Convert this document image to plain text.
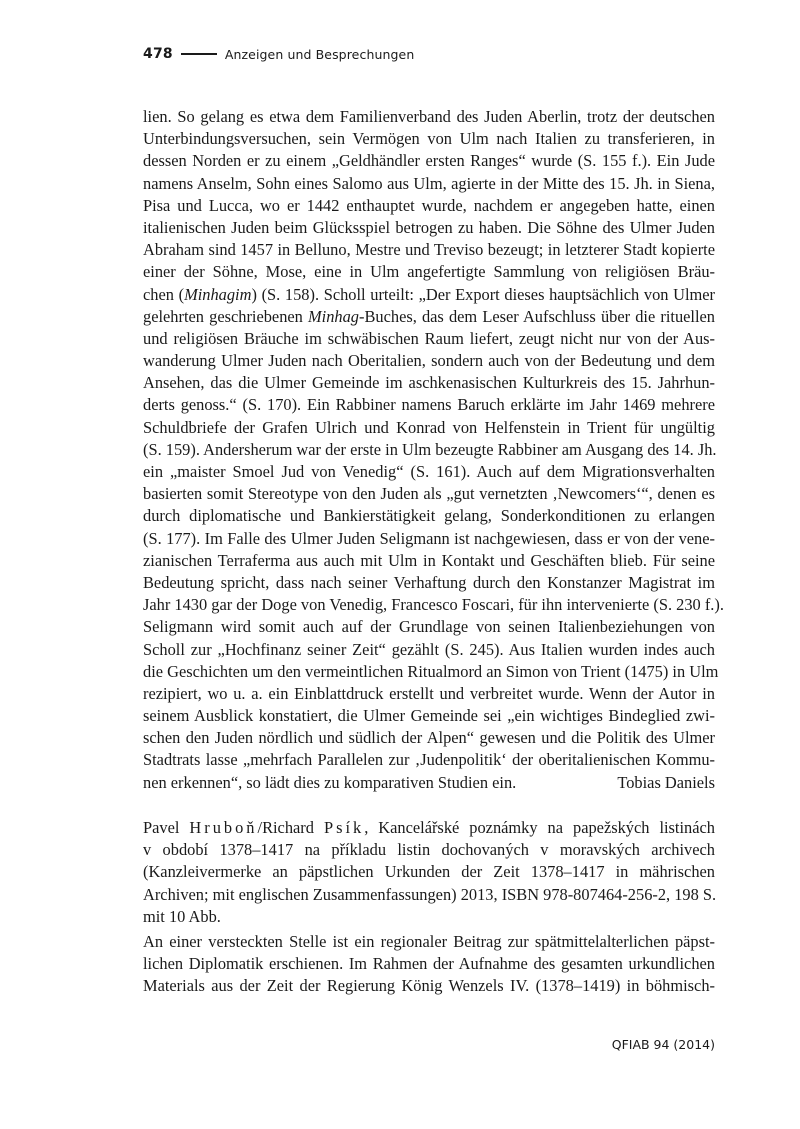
478	Anzeigen und Besprechungen
lien. So gelang es etwa dem Familienverband des Juden Aberlin, trotz der deutschen
Unterbindungsversuchen, sein Vermögen von Ulm nach Italien zu transferieren, in
dessen Norden er zu einem „Geldhändler ersten Ranges“ wurde (S. 155 f.). Ein Jude
namens Anselm, Sohn eines Salomo aus Ulm, agierte in der Mitte des 15. Jh. in Siena,
Pisa und Lucca, wo er 1442 enthauptet wurde, nachdem er angegeben hatte, einen
italienischen Juden beim Glücksspiel betrogen zu haben. Die Söhne des Ulmer Juden
Abraham sind 1457 in Belluno, Mestre und Treviso bezeugt; in letzterer Stadt kopierte
einer der Söhne, Mose, eine in Ulm angefertigte Sammlung von religiösen Bräu-
chen (Minhagim) (S. 158). Scholl urteilt: „Der Export dieses hauptsächlich von Ulmer
gelehrten geschriebenen Minhag-Buches, das dem Leser Aufschluss über die rituellen
und religiösen Bräuche im schwäbischen Raum liefert, zeugt nicht nur von der Aus-
wanderung Ulmer Juden nach Oberitalien, sondern auch von der Bedeutung und dem
Ansehen, das die Ulmer Gemeinde im aschkenasischen Kulturkreis des 15. Jahrhun-
derts genoss.“ (S. 170). Ein Rabbiner namens Baruch erklärte im Jahr 1469 mehrere
Schuldbriefe der Grafen Ulrich und Konrad von Helfenstein in Trient für ungültig
(S. 159). Andersherum war der erste in Ulm bezeugte Rabbiner am Ausgang des 14. Jh.
ein „maister Smoel Jud von Venedig“ (S. 161). Auch auf dem Migrationsverhalten
basierten somit Stereotype von den Juden als „gut vernetzten ‚Newcomers‘“, denen es
durch diplomatische und Bankierstätigkeit gelang, Sonderkonditionen zu erlangen
(S. 177). Im Falle des Ulmer Juden Seligmann ist nachgewiesen, dass er von der vene-
zianischen Terraferma aus auch mit Ulm in Kontakt und Geschäften blieb. Für seine
Bedeutung spricht, dass nach seiner Verhaftung durch den Konstanzer Magistrat im
Jahr 1430 gar der Doge von Venedig, Francesco Foscari, für ihn intervenierte (S. 230 f.).
Seligmann wird somit auch auf der Grundlage von seinen Italienbeziehungen von
Scholl zur „Hochfinanz seiner Zeit“ gezählt (S. 245). Aus Italien wurden indes auch
die Geschichten um den vermeintlichen Ritualmord an Simon von Trient (1475) in Ulm
rezipiert, wo u. a. ein Einblattdruck erstellt und verbreitet wurde. Wenn der Autor in
seinem Ausblick konstatiert, die Ulmer Gemeinde sei „ein wichtiges Bindeglied zwi-
schen den Juden nördlich und südlich der Alpen“ gewesen und die Politik des Ulmer
Stadtrats lasse „mehrfach Parallelen zur ‚Judenpolitik‘ der oberitalienischen Kommu-
nen erkennen“, so lädt dies zu komparativen Studien ein.	Tobias Daniels
Pavel Hruboň/Richard Psík, Kancelářské poznámky na papežských listinách
v období 1378–1417 na příkladu listin dochovaných v moravských archivech
(Kanzleivermerke an päpstlichen Urkunden der Zeit 1378–1417 in mährischen
Archiven; mit englischen Zusammenfassungen) 2013, ISBN 978-807464-256-2, 198 S.
mit 10 Abb.
An einer versteckten Stelle ist ein regionaler Beitrag zur spätmittelalterlichen päpst-
lichen Diplomatik erschienen. Im Rahmen der Aufnahme des gesamten urkundlichen
Materials aus der Zeit der Regierung König Wenzels IV. (1378–1419) in böhmisch-
QFIAB 94 (2014)
